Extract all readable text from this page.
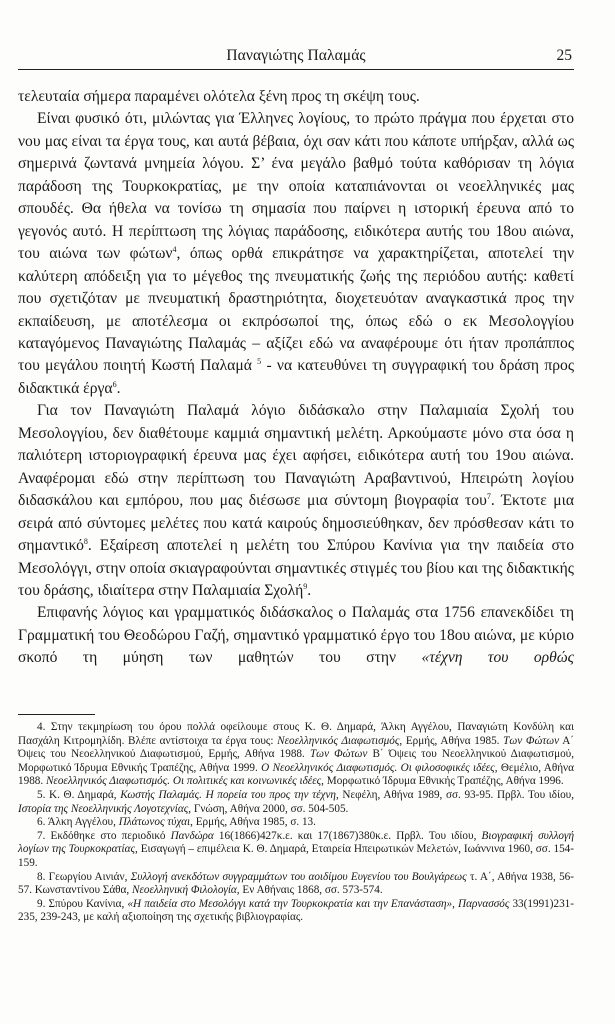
Παναγιώτης Παλαμάς	25

τελευταία σήμερα παραμένει ολότελα ξένη προς τη σκέψη τους.

Είναι φυσικό ότι, μιλώντας για Έλληνες λογίους, το πρώτο πράγμα που έρχεται στο νου μας είναι τα έργα τους, και αυτά βέβαια, όχι σαν κάτι που κάποτε υπήρξαν, αλλά ως σημερινά ζωντανά μνημεία λόγου. Σ’ ένα μεγάλο βαθμό τούτα καθόρισαν τη λόγια παράδοση της Τουρκοκρατίας, με την οποία καταπιάνονται οι νεοελληνικές μας σπουδές. Θα ήθελα να τονίσω τη σημασία που παίρνει η ιστορική έρευνα από το γεγονός αυτό. Η περίπτωση της λόγιας παράδοσης, ειδικότερα αυτής του 18ου αιώνα, του αιώνα των φώτων$^4$, όπως ορθά επικράτησε να χαρακτηρίζεται, αποτελεί την καλύτερη απόδειξη για το μέγεθος της πνευματικής ζωής της περιόδου αυτής: καθετί που σχετιζόταν με πνευματική δραστηριότητα, διοχετευόταν αναγκαστικά προς την εκπαίδευση, με αποτέλεσμα οι εκπρόσωποί της, όπως εδώ ο εκ Μεσολογγίου καταγόμενος Παναγιώτης Παλαμάς – αξίζει εδώ να αναφέρουμε ότι ήταν προπάππος του μεγάλου ποιητή Κωστή Παλαμά $^5$ - να κατευθύνει τη συγγραφική του δράση προς διδακτικά έργα$^6$.

Για τον Παναγιώτη Παλαμά λόγιο διδάσκαλο στην Παλαμιαία Σχολή του Μεσολογγίου, δεν διαθέτουμε καμμιά σημαντική μελέτη. Αρκούμαστε μόνο στα όσα η παλιότερη ιστοριογραφική έρευνα μας έχει αφήσει, ειδικότερα αυτή του 19ου αιώνα. Αναφέρομαι εδώ στην περίπτωση του Παναγιώτη Αραβαντινού, Ηπειρώτη λογίου διδασκάλου και εμπόρου, που μας διέσωσε μια σύντομη βιογραφία του$^7$. Έκτοτε μια σειρά από σύντομες μελέτες που κατά καιρούς δημοσιεύθηκαν, δεν πρόσθεσαν κάτι το σημαντικό$^8$. Εξαίρεση αποτελεί η μελέτη του Σπύρου Κανίνια για την παιδεία στο Μεσολόγγι, στην οποία σκιαγραφούνται σημαντικές στιγμές του βίου και της διδακτικής του δράσης, ιδιαίτερα στην Παλαμιαία Σχολή$^9$.

Επιφανής λόγιος και γραμματικός διδάσκαλος ο Παλαμάς στα 1756 επανεκδίδει τη Γραμματική του Θεοδώρου Γαζή, σημαντικό γραμματικό έργο του 18ου αιώνα, με κύριο σκοπό τη μύηση των μαθητών του στην «τέχνη του ορθώς

4. Στην τεκμηρίωση του όρου πολλά οφείλουμε στους Κ. Θ. Δημαρά, Άλκη Αγγέλου, Παναγιώτη Κονδύλη και Πασχάλη Κιτρομηλίδη. Βλέπε αντίστοιχα τα έργα τους: Νεοελληνικός Διαφωτισμός, Ερμής, Αθήνα 1985. Των Φώτων Α΄ Όψεις του Νεοελληνικού Διαφωτισμού, Ερμής, Αθήνα 1988. Των Φώτων Β΄ Όψεις του Νεοελληνικού Διαφωτισμού, Μορφωτικό Ίδρυμα Εθνικής Τραπέζης, Αθήνα 1999. Ο Νεοελληνικός Διαφωτισμός. Οι φιλοσοφικές ιδέες, Θεμέλιο, Αθήνα 1988. Νεοελληνικός Διαφωτισμός. Οι πολιτικές και κοινωνικές ιδέες, Μορφωτικό Ίδρυμα Εθνικής Τραπέζης, Αθήνα 1996.

5. Κ. Θ. Δημαρά, Κωστής Παλαμάς. Η πορεία του προς την τέχνη, Νεφέλη, Αθήνα 1989, σσ. 93-95. Πρβλ. Του ιδίου, Ιστορία της Νεοελληνικής Λογοτεχνίας, Γνώση, Αθήνα 2000, σσ. 504-505.

6. Άλκη Αγγέλου, Πλάτωνος τύχαι, Ερμής, Αθήνα 1985, σ. 13.

7. Εκδόθηκε στο περιοδικό Πανδώρα 16(1866)427κ.ε. και 17(1867)380κ.ε. Πρβλ. Του ιδίου, Βιογραφική συλλογή λογίων της Τουρκοκρατίας, Εισαγωγή – επιμέλεια Κ. Θ. Δημαρά, Εταιρεία Ηπειρωτικών Μελετών, Ιωάννινα 1960, σσ. 154-159.

8. Γεωργίου Αινιάν, Συλλογή ανεκδότων συγγραμμάτων του αοιδίμου Ευγενίου του Βουλγάρεως τ. Α΄, Αθήνα 1938, 56-57. Κωνσταντίνου Σάθα, Νεοελληνική Φιλολογία, Εν Αθήναις 1868, σσ. 573-574.

9. Σπύρου Κανίνια, «Η παιδεία στο Μεσολόγγι κατά την Τουρκοκρατία και την Επανάσταση», Παρνασσός 33(1991)231-235, 239-243, με καλή αξιοποίηση της σχετικής βιβλιογραφίας.
